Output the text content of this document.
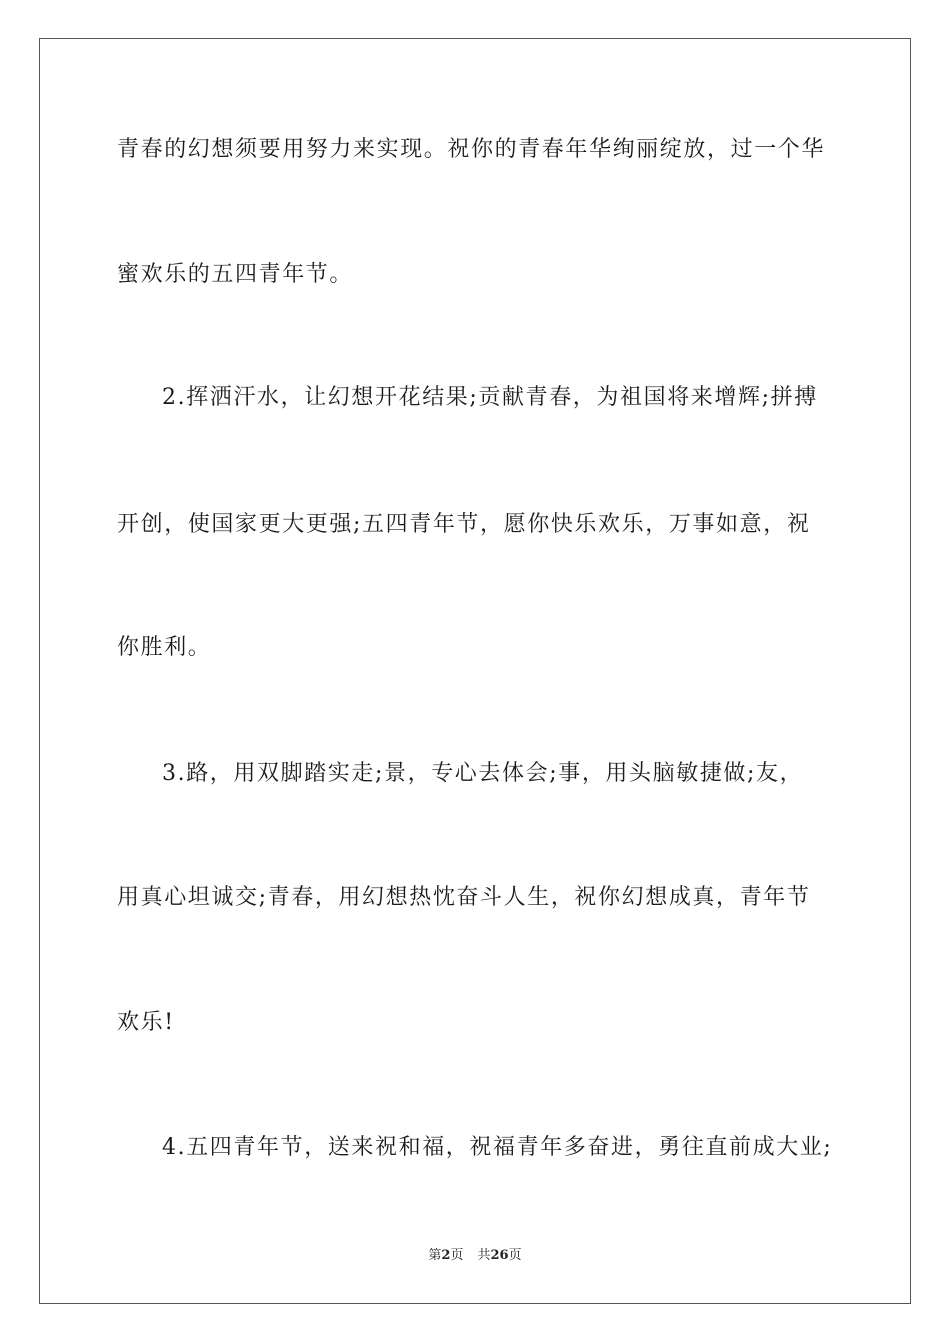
青春的幻想须要用努力来实现。祝你的青春年华绚丽绽放，过一个华
蜜欢乐的五四青年节。
2.挥洒汗水，让幻想开花结果;贡献青春，为祖国将来增辉;拼搏
开创，使国家更大更强;五四青年节，愿你快乐欢乐，万事如意，祝
你胜利。
3.路，用双脚踏实走;景，专心去体会;事，用头脑敏捷做;友，
用真心坦诚交;青春，用幻想热忱奋斗人生，祝你幻想成真，青年节
欢乐!
4.五四青年节，送来祝和福，祝福青年多奋进，勇往直前成大业;
第2页 共26页
